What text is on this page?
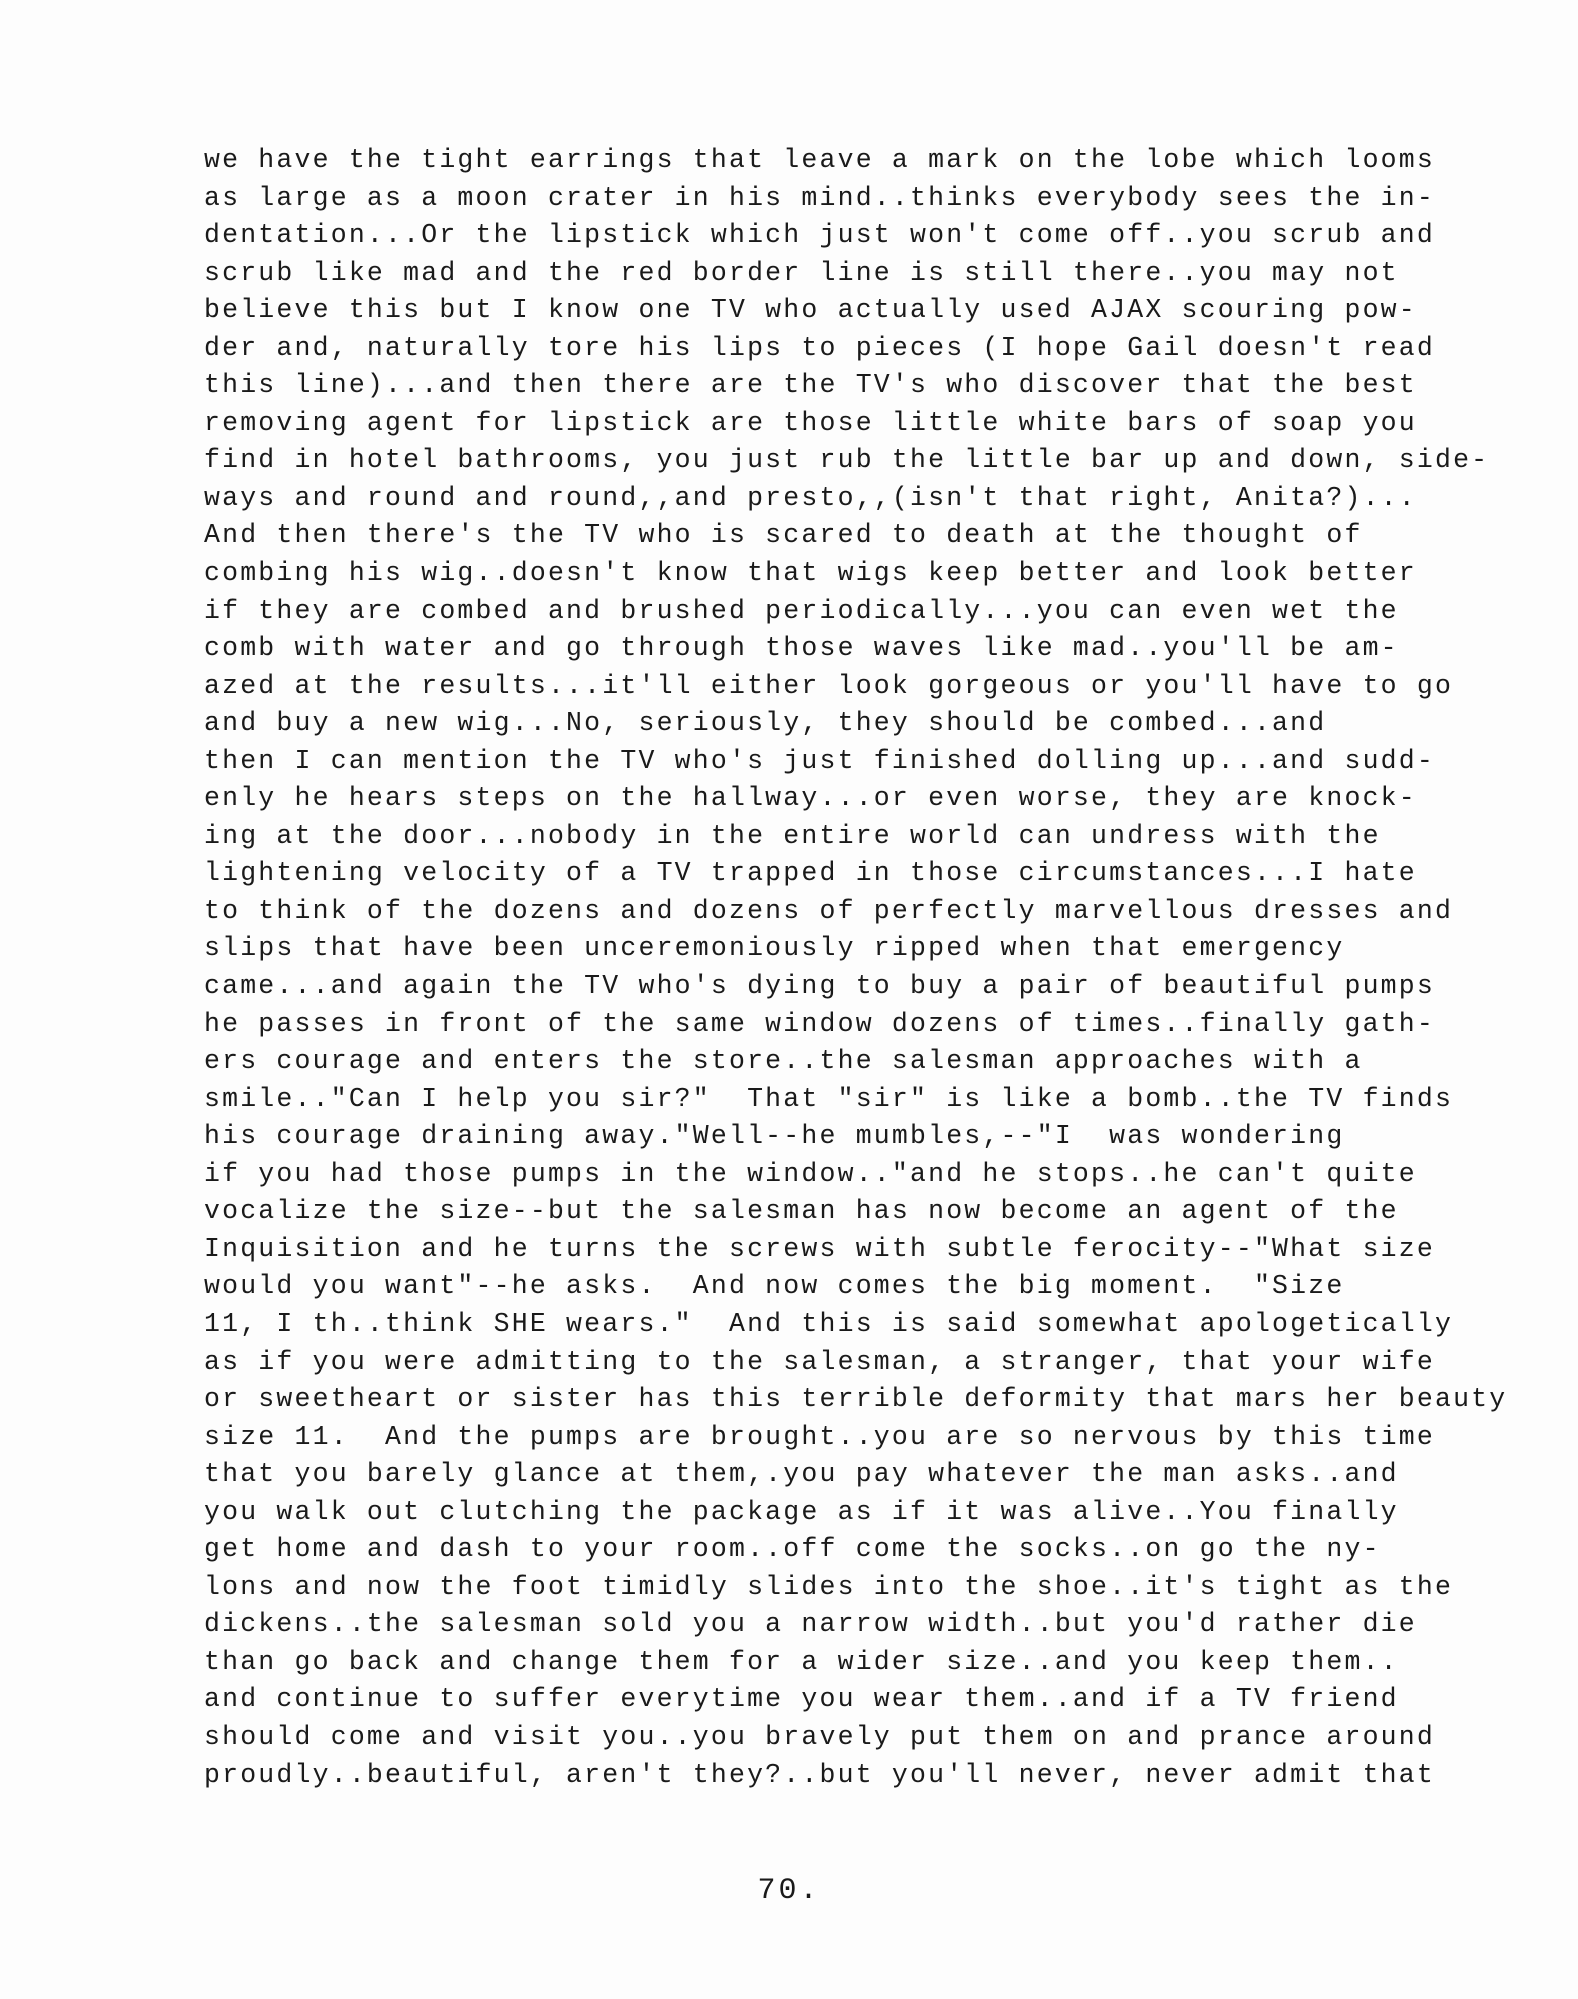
we have the tight earrings that leave a mark on the lobe which looms
as large as a moon crater in his mind..thinks everybody sees the in-
dentation...Or the lipstick which just won't come off..you scrub and
scrub like mad and the red border line is still there..you may not
believe this but I know one TV who actually used AJAX scouring pow-
der and, naturally tore his lips to pieces (I hope Gail doesn't read
this line)...and then there are the TV's who discover that the best
removing agent for lipstick are those little white bars of soap you
find in hotel bathrooms, you just rub the little bar up and down, side-
ways and round and round,,and presto,,(isn't that right, Anita?)...
And then there's the TV who is scared to death at the thought of
combing his wig..doesn't know that wigs keep better and look better
if they are combed and brushed periodically...you can even wet the
comb with water and go through those waves like mad..you'll be am-
azed at the results...it'll either look gorgeous or you'll have to go
and buy a new wig...No, seriously, they should be combed...and
then I can mention the TV who's just finished dolling up...and sudd-
enly he hears steps on the hallway...or even worse, they are knock-
ing at the door...nobody in the entire world can undress with the
lightening velocity of a TV trapped in those circumstances...I hate
to think of the dozens and dozens of perfectly marvellous dresses and
slips that have been unceremoniously ripped when that emergency
came...and again the TV who's dying to buy a pair of beautiful pumps
he passes in front of the same window dozens of times..finally gath-
ers courage and enters the store..the salesman approaches with a
smile.."Can I help you sir?"  That "sir" is like a bomb..the TV finds
his courage draining away."Well--he mumbles,--"I  was wondering
if you had those pumps in the window.."and he stops..he can't quite
vocalize the size--but the salesman has now become an agent of the
Inquisition and he turns the screws with subtle ferocity--"What size
would you want"--he asks.  And now comes the big moment.  "Size
11, I th..think SHE wears."  And this is said somewhat apologetically
as if you were admitting to the salesman, a stranger, that your wife
or sweetheart or sister has this terrible deformity that mars her beauty
size 11.  And the pumps are brought..you are so nervous by this time
that you barely glance at them,.you pay whatever the man asks..and
you walk out clutching the package as if it was alive..You finally
get home and dash to your room..off come the socks..on go the ny-
lons and now the foot timidly slides into the shoe..it's tight as the
dickens..the salesman sold you a narrow width..but you'd rather die
than go back and change them for a wider size..and you keep them..
and continue to suffer everytime you wear them..and if a TV friend
should come and visit you..you bravely put them on and prance around
proudly..beautiful, aren't they?..but you'll never, never admit that
70.
